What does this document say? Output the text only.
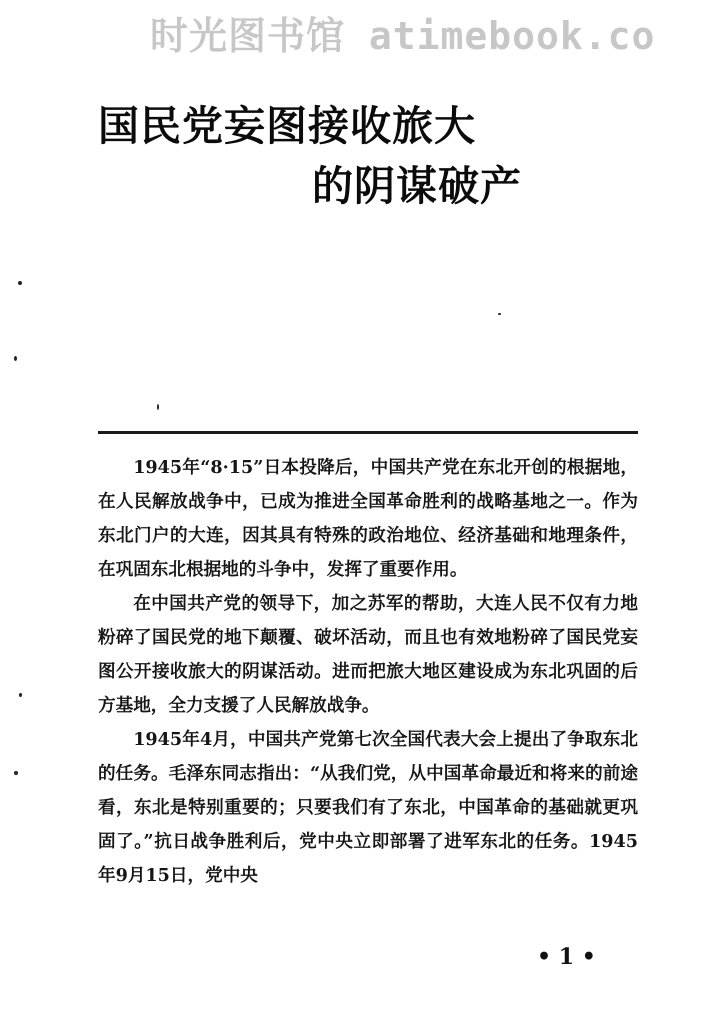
时光图书馆 atimebook.co
国民党妄图接收旅大
的阴谋破产

1945年“8·15”日本投降后，中国共产党在东北开创的根据地，在人民解放战争中，已成为推进全国革命胜利的战略基地之一。作为东北门户的大连，因其具有特殊的政治地位、经济基础和地理条件，在巩固东北根据地的斗争中，发挥了重要作用。

在中国共产党的领导下，加之苏军的帮助，大连人民不仅有力地粉碎了国民党的地下颠覆、破坏活动，而且也有效地粉碎了国民党妄图公开接收旅大的阴谋活动。进而把旅大地区建设成为东北巩固的后方基地，全力支援了人民解放战争。

1945年4月，中国共产党第七次全国代表大会上提出了争取东北的任务。毛泽东同志指出：“从我们党，从中国革命最近和将来的前途看，东北是特别重要的；只要我们有了东北，中国革命的基础就更巩固了。”抗日战争胜利后，党中央立即部署了进军东北的任务。1945年9月15日，党中央

• 1 •
